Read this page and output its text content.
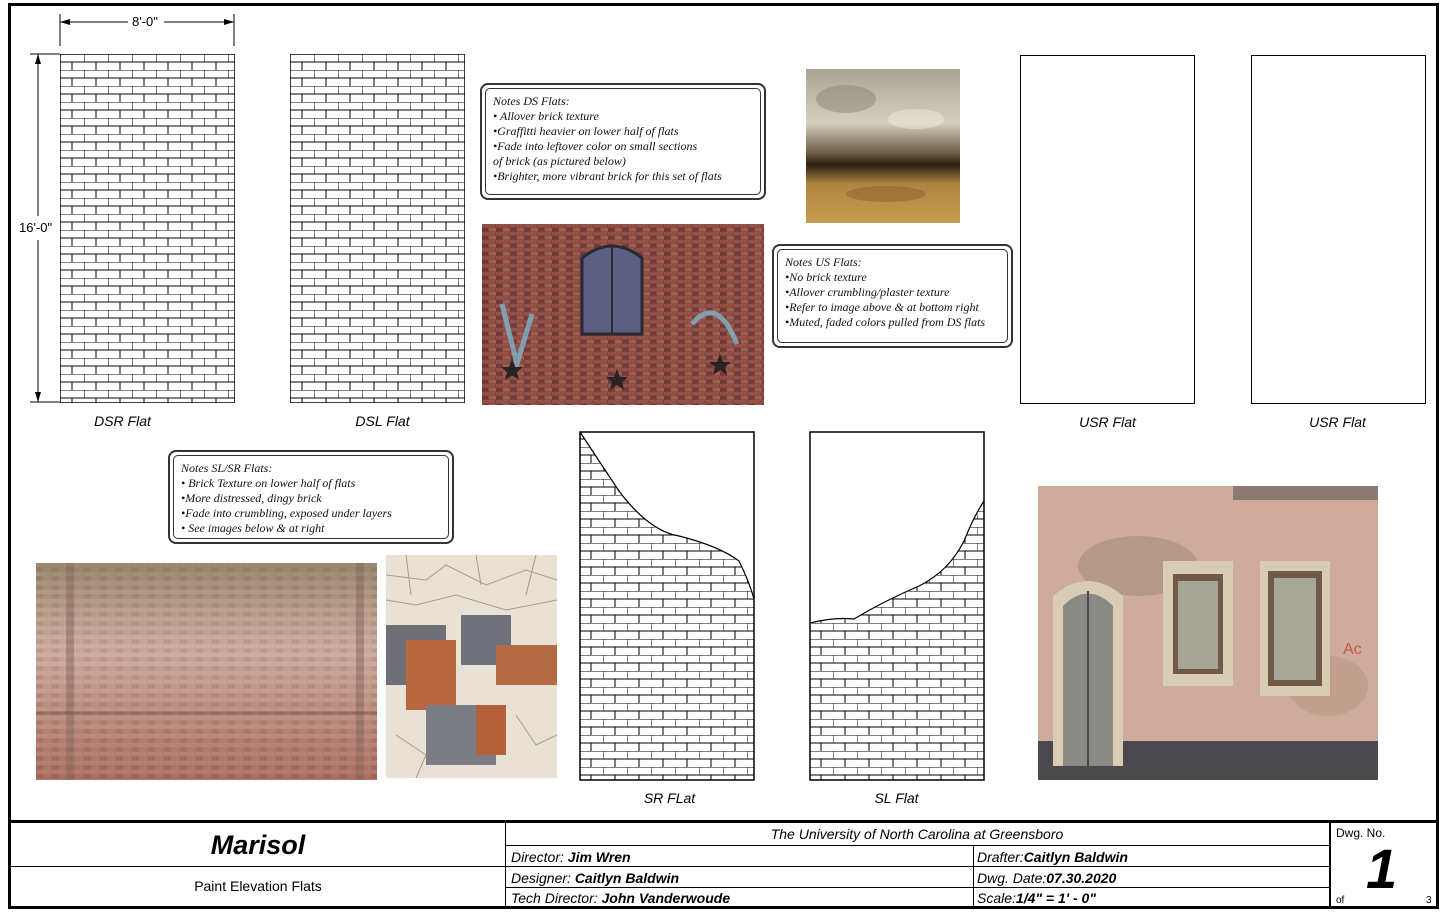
8'-0"
16'-0"
DSR Flat	DSL Flat
Notes DS Flats:
• Allover brick texture
•Graffitti heavier on lower half of flats
•Fade into leftover color on small sections
of brick (as pictured below)
•Brighter, more vibrant brick for this set of flats
Notes US Flats:
•No brick texture
•Allover crumbling/plaster texture
•Refer to image above & at bottom right
•Muted, faded colors pulled from DS flats
USR Flat	USR Flat
Notes SL/SR Flats:
• Brick Texture on lower half of flats
•More distressed, dingy brick
•Fade into crumbling, exposed under layers
• See images below & at right
SR FLat	SL Flat
Ac
Marisol
Paint Elevation Flats
The University of North Carolina at Greensboro
Director: Jim Wren	Drafter:Caitlyn Baldwin
Designer: Caitlyn Baldwin	Dwg. Date:07.30.2020
Tech Director: John Vanderwoude	Scale:1/4" = 1' - 0"
Dwg. No.
1
of	3
